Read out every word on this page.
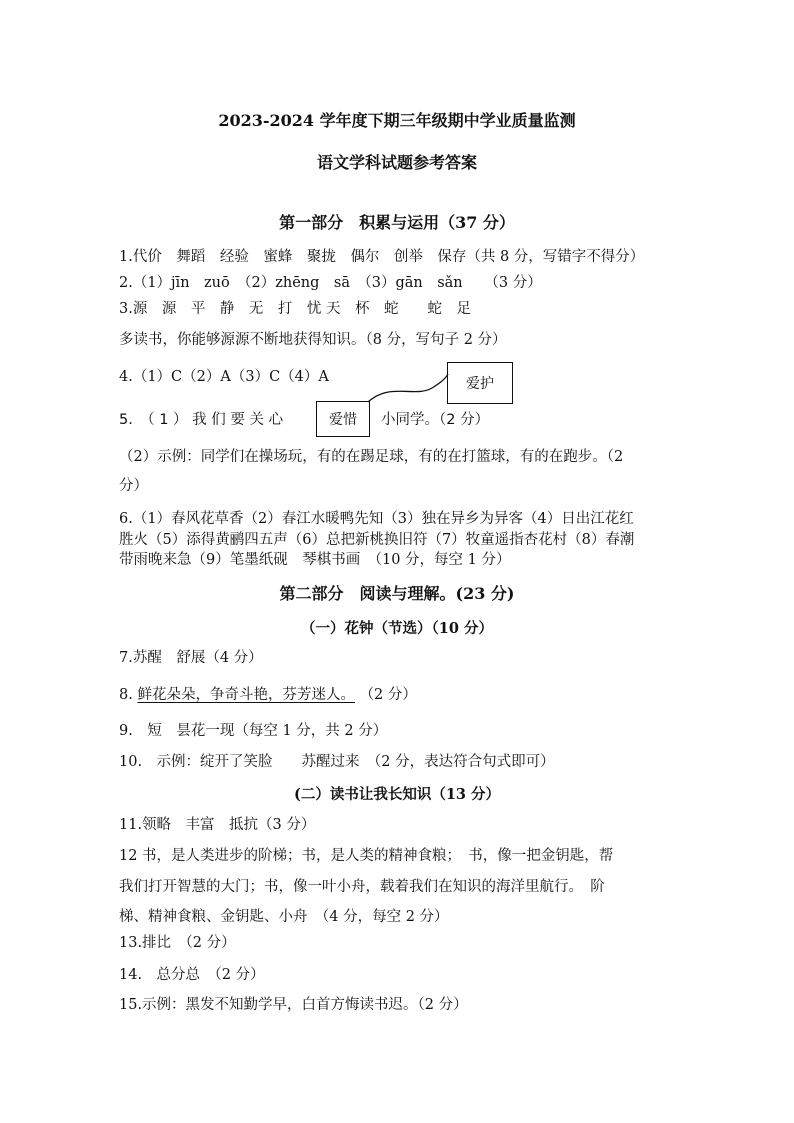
2023-2024 学年度下期三年级期中学业质量监测
语文学科试题参考答案
第一部分　积累与运用（37 分）
1.代价　舞蹈　经验　蜜蜂　聚拢　偶尔　创举　保存（共 8 分，写错字不得分）
2.（1）jīn　zuō　（2）zhēng　sā　（3）gān　sǎn　　（3 分）
3.源　源　平　静　无　打　忧 天　杯　蛇　　蛇　足
多读书，你能够源源不断地获得知识。（8 分，写句子 2 分）
4.（1）C（2）A（3）C（4）A
5.　（ 1 ） 我 们 要 关 心	爱惜 小同学。（2 分）
爱护
（2）示例：同学们在操场玩，有的在踢足球，有的在打篮球，有的在跑步。（2
分）
6.（1）春风花草香（2）春江水暖鸭先知（3）独在异乡为异客（4）日出江花红
胜火（5）添得黄鹂四五声（6）总把新桃换旧符（7）牧童遥指杏花村（8）春潮
带雨晚来急（9）笔墨纸砚　琴棋书画　（10 分，每空 1 分）
第二部分　阅读与理解。(23 分)
（一）花钟（节选）（10 分）
7.苏醒　舒展（4 分）
8. 鲜花朵朵，争奇斗艳，芬芳迷人。 （2 分）
9.　短　昙花一现（每空 1 分，共 2 分）
10.　示例：绽开了笑脸　　苏醒过来　（2 分，表达符合句式即可）
(二）读书让我长知识（13 分）
11.领略　丰富　抵抗（3 分）
12 书，是人类进步的阶梯；书，是人类的精神食粮；　书，像一把金钥匙，帮
我们打开智慧的大门；书，像一叶小舟，载着我们在知识的海洋里航行。　阶
梯、精神食粮、金钥匙、小舟　（4 分，每空 2 分）
13.排比　（2 分）
14.　总分总　（2 分）
15.示例：黑发不知勤学早，白首方悔读书迟。（2 分）
